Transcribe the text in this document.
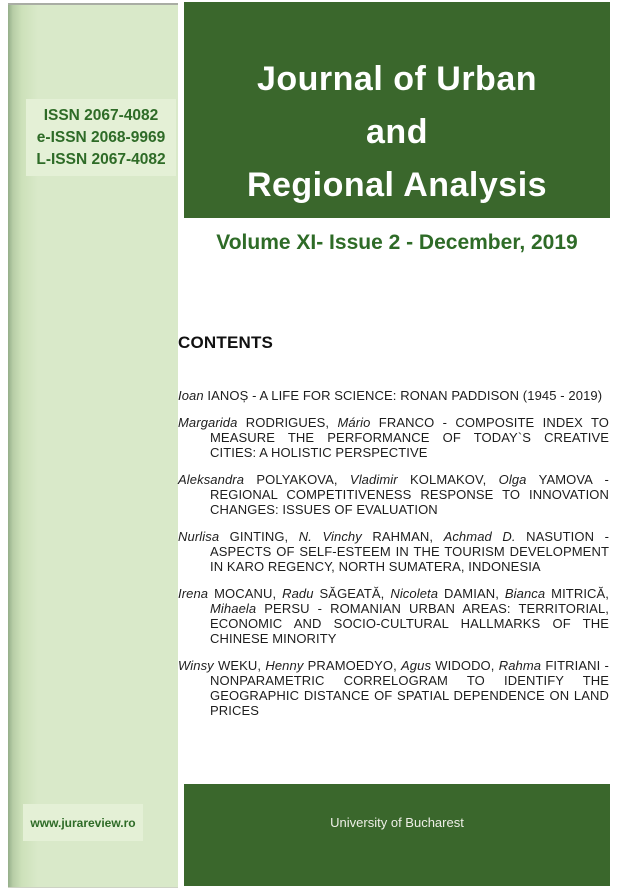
ISSN 2067-4082
e-ISSN 2068-9969
L-ISSN 2067-4082
www.jurareview.ro
Journal of Urban
and
Regional Analysis
Volume XI- Issue 2 - December, 2019
CONTENTS

Ioan IANOȘ - A LIFE FOR SCIENCE: RONAN PADDISON (1945 - 2019)

Margarida RODRIGUES, Mário FRANCO - COMPOSITE INDEX TO MEASURE THE PERFORMANCE OF TODAY`S CREATIVE CITIES: A HOLISTIC PERSPECTIVE

Aleksandra POLYAKOVA, Vladimir KOLMAKOV, Olga YAMOVA - REGIONAL COMPETITIVENESS RESPONSE TO INNOVATION CHANGES: ISSUES OF EVALUATION

Nurlisa GINTING, N. Vinchy RAHMAN, Achmad D. NASUTION - ASPECTS OF SELF-ESTEEM IN THE TOURISM DEVELOPMENT IN KARO REGENCY, NORTH SUMATERA, INDONESIA

Irena MOCANU, Radu SĂGEATĂ, Nicoleta DAMIAN, Bianca MITRICĂ, Mihaela PERSU - ROMANIAN URBAN AREAS: TERRITORIAL, ECONOMIC AND SOCIO-CULTURAL HALLMARKS OF THE CHINESE MINORITY

Winsy WEKU, Henny PRAMOEDYO, Agus WIDODO, Rahma FITRIANI - NONPARAMETRIC CORRELOGRAM TO IDENTIFY THE GEOGRAPHIC DISTANCE OF SPATIAL DEPENDENCE ON LAND PRICES

University of Bucharest
